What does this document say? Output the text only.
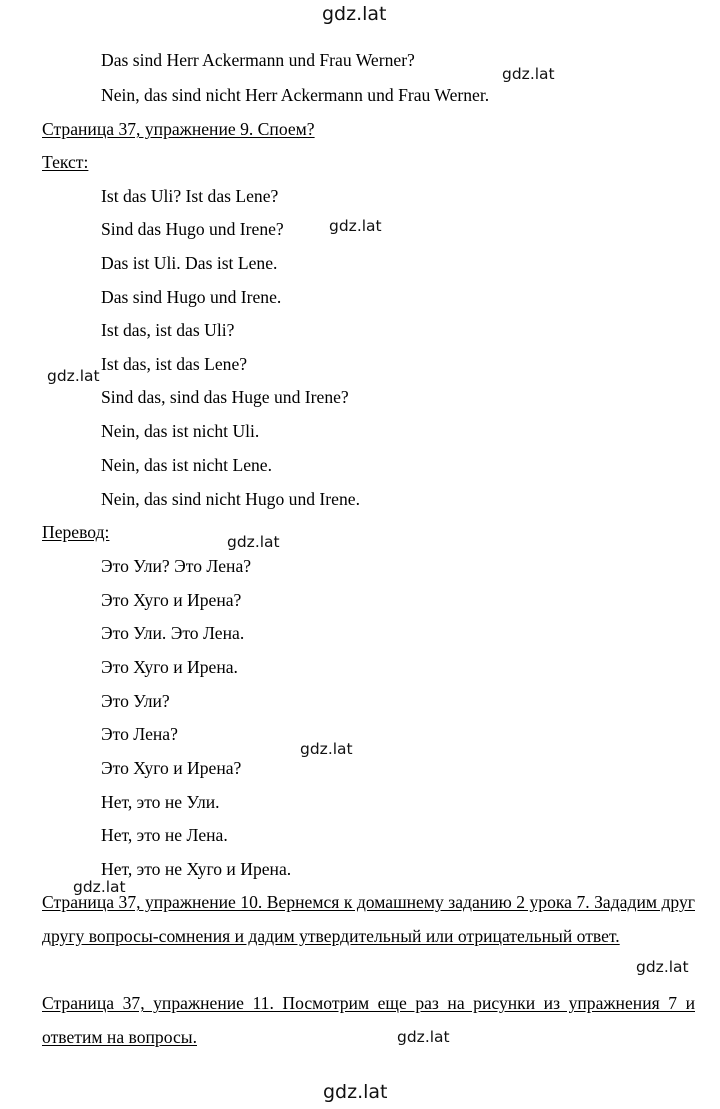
gdz.lat
gdz.lat
gdz.lat
gdz.lat
gdz.lat
gdz.lat
gdz.lat
gdz.lat
gdz.lat
gdz.lat
Das sind Herr Ackermann und Frau Werner?
Nein, das sind nicht Herr Ackermann und Frau Werner.
Страница 37, упражнение 9. Споем?
Текст:
Ist das Uli? Ist das Lene?
Sind das Hugo und Irene?
Das ist Uli. Das ist Lene.
Das sind Hugo und Irene.
Ist das, ist das Uli?
Ist das, ist das Lene?
Sind das, sind das Huge und Irene?
Nein, das ist nicht Uli.
Nein, das ist nicht Lene.
Nein, das sind nicht Hugo und Irene.
Перевод:
Это Ули? Это Лена?
Это Хуго и Ирена?
Это Ули. Это Лена.
Это Хуго и Ирена.
Это Ули?
Это Лена?
Это Хуго и Ирена?
Нет, это не Ули.
Нет, это не Лена.
Нет, это не Хуго и Ирена.
Страница 37, упражнение 10. Вернемся к домашнему заданию 2 урока 7. Зададим друг другу вопросы-сомнения и дадим утвердительный или отрицательный ответ.
Страница 37, упражнение 11. Посмотрим еще раз на рисунки из упражнения 7 и ответим на вопросы.
